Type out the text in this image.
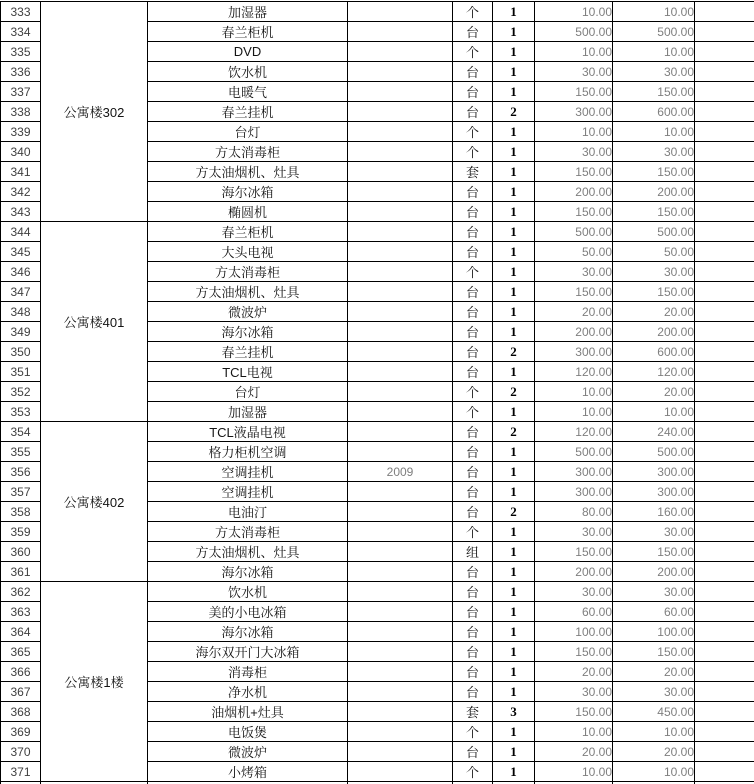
333	公寓楼302	加湿器		个	1	10.00	10.00	
334		春兰柜机		台	1	500.00	500.00	
335		DVD		个	1	10.00	10.00	
336		饮水机		台	1	30.00	30.00	
337		电暖气		台	1	150.00	150.00	
338		春兰挂机		台	2	300.00	600.00	
339		台灯		个	1	10.00	10.00	
340		方太消毒柜		个	1	30.00	30.00	
341		方太油烟机、灶具		套	1	150.00	150.00	
342		海尔冰箱		台	1	200.00	200.00	
343		椭圆机		台	1	150.00	150.00	
344	公寓楼401	春兰柜机		台	1	500.00	500.00	
345		大头电视		台	1	50.00	50.00	
346		方太消毒柜		个	1	30.00	30.00	
347		方太油烟机、灶具		台	1	150.00	150.00	
348		微波炉		台	1	20.00	20.00	
349		海尔冰箱		台	1	200.00	200.00	
350		春兰挂机		台	2	300.00	600.00	
351		TCL电视		台	1	120.00	120.00	
352		台灯		个	2	10.00	20.00	
353		加湿器		个	1	10.00	10.00	
354	公寓楼402	TCL液晶电视		台	2	120.00	240.00	
355		格力柜机空调		台	1	500.00	500.00	
356		空调挂机	2009	台	1	300.00	300.00	
357		空调挂机		台	1	300.00	300.00	
358		电油汀		台	2	80.00	160.00	
359		方太消毒柜		个	1	30.00	30.00	
360		方太油烟机、灶具		组	1	150.00	150.00	
361		海尔冰箱		台	1	200.00	200.00	
362	公寓楼1楼	饮水机		台	1	30.00	30.00	
363		美的小电冰箱		台	1	60.00	60.00	
364		海尔冰箱		台	1	100.00	100.00	
365		海尔双开门大冰箱		台	1	150.00	150.00	
366		消毒柜		台	1	20.00	20.00	
367		净水机		台	1	30.00	30.00	
368		油烟机+灶具		套	3	150.00	450.00	
369		电饭煲		个	1	10.00	10.00	
370		微波炉		台	1	20.00	20.00	
371		小烤箱		个	1	10.00	10.00	
